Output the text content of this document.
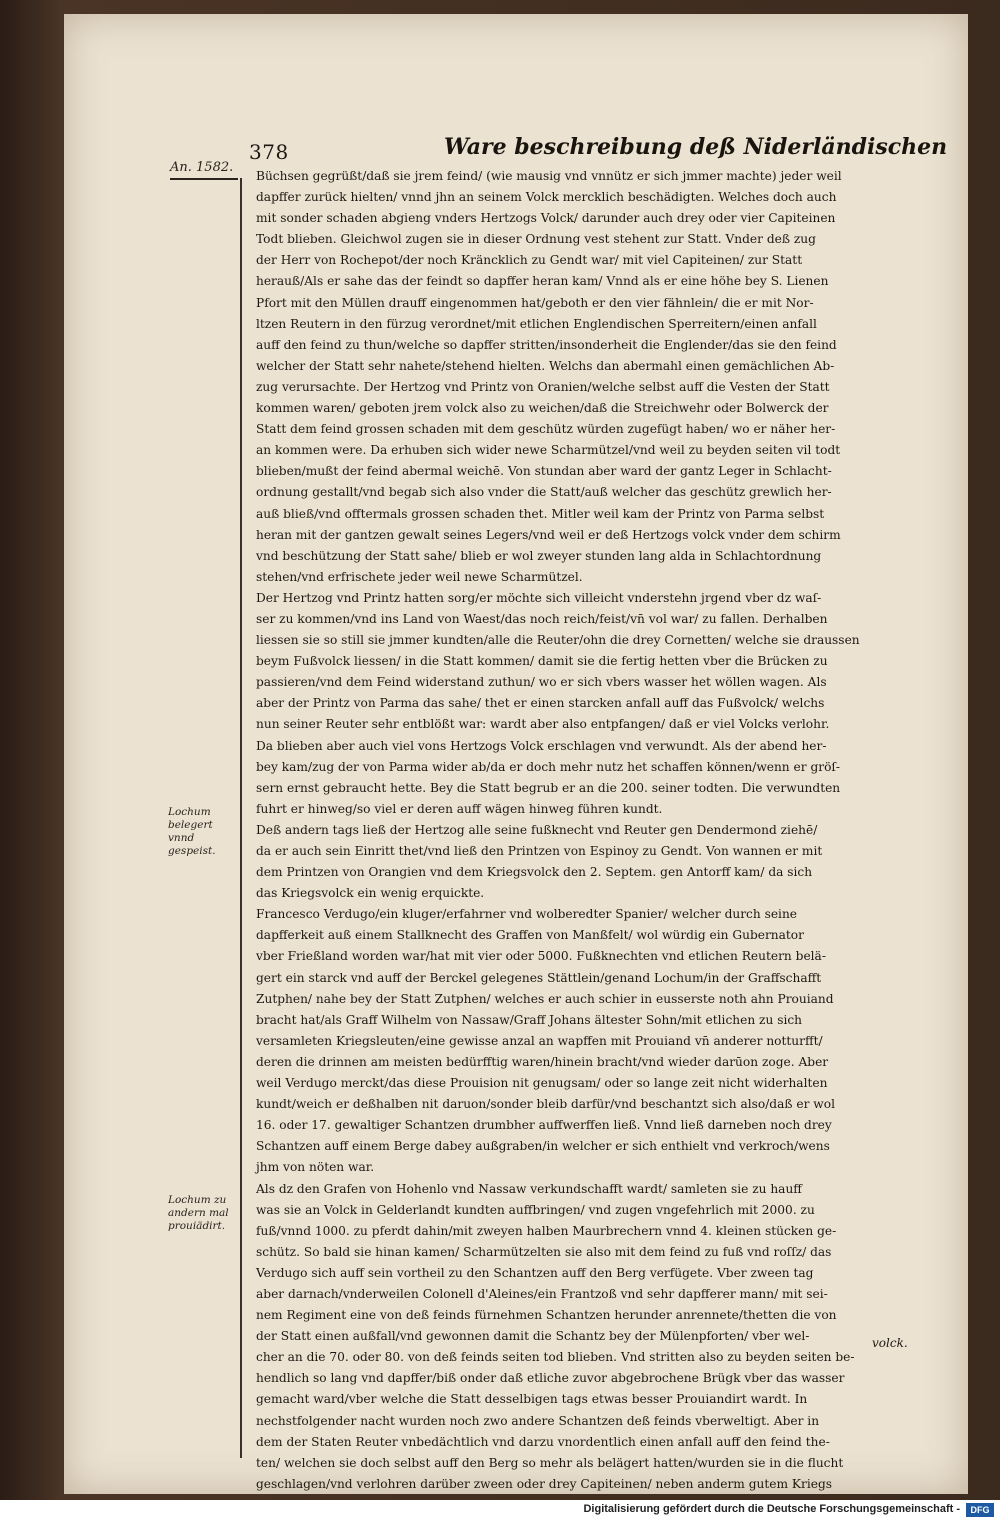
378	Ware beschreibung deß Niderländischen
An. 1582.
Lochum belegert vnnd gespeist.
Lochum zu andern mal prouiädirt.
Büchsen gegrüßt/daß sie jrem feind/ (wie mausig vnd vnnütz er sich jmmer machte) jeder weil
dapffer zurück hielten/ vnnd jhn an seinem Volck mercklich beschädigten. Welches doch auch
mit sonder schaden abgieng vnders Hertzogs Volck/ darunder auch drey oder vier Capiteinen
Todt blieben. Gleichwol zugen sie in dieser Ordnung vest stehent zur Statt. Vnder deß zug
der Herr von Rochepot/der noch Kräncklich zu Gendt war/ mit viel Capiteinen/ zur Statt
herauß/Als er sahe das der feindt so dapffer heran kam/ Vnnd als er eine höhe bey S. Lienen
Pfort mit den Müllen drauff eingenommen hat/geboth er den vier fähnlein/ die er mit Nor-
ltzen Reutern in den fürzug verordnet/mit etlichen Englendischen Sperreitern/einen anfall
auff den feind zu thun/welche so dapffer stritten/insonderheit die Englender/das sie den feind
welcher der Statt sehr nahete/stehend hielten. Welchs dan abermahl einen gemächlichen Ab-
zug verursachte. Der Hertzog vnd Printz von Oranien/welche selbst auff die Vesten der Statt
kommen waren/ geboten jrem volck also zu weichen/daß die Streichwehr oder Bolwerck der
Statt dem feind grossen schaden mit dem geschütz würden zugefügt haben/ wo er näher her-
an kommen were. Da erhuben sich wider newe Scharmützel/vnd weil zu beyden seiten vil todt
blieben/mußt der feind abermal weichē. Von stundan aber ward der gantz Leger in Schlacht-
ordnung gestallt/vnd begab sich also vnder die Statt/auß welcher das geschütz grewlich her-
auß bließ/vnd offtermals grossen schaden thet. Mitler weil kam der Printz von Parma selbst
heran mit der gantzen gewalt seines Legers/vnd weil er deß Hertzogs volck vnder dem schirm
vnd beschützung der Statt sahe/ blieb er wol zweyer stunden lang alda in Schlachtordnung
stehen/vnd erfrischete jeder weil newe Scharmützel.
Der Hertzog vnd Printz hatten sorg/er möchte sich villeicht vnderstehn jrgend vber dz waſ-
ser zu kommen/vnd ins Land von Waest/das noch reich/feist/vn̄ vol war/ zu fallen. Derhalben
liessen sie so still sie jmmer kundten/alle die Reuter/ohn die drey Cornetten/ welche sie draussen
beym Fußvolck liessen/ in die Statt kommen/ damit sie die fertig hetten vber die Brücken zu
passieren/vnd dem Feind widerstand zuthun/ wo er sich vbers wasser het wöllen wagen. Als
aber der Printz von Parma das sahe/ thet er einen starcken anfall auff das Fußvolck/ welchs
nun seiner Reuter sehr entblößt war: wardt aber also entpfangen/ daß er viel Volcks verlohr.
Da blieben aber auch viel vons Hertzogs Volck erschlagen vnd verwundt. Als der abend her-
bey kam/zug der von Parma wider ab/da er doch mehr nutz het schaffen können/wenn er gröſ-
sern ernst gebraucht hette. Bey die Statt begrub er an die 200. seiner todten. Die verwundten
fuhrt er hinweg/so viel er deren auff wägen hinweg führen kundt.
Deß andern tags ließ der Hertzog alle seine fußknecht vnd Reuter gen Dendermond ziehē/
da er auch sein Einritt thet/vnd ließ den Printzen von Espinoy zu Gendt. Von wannen er mit
dem Printzen von Orangien vnd dem Kriegsvolck den 2. Septem. gen Antorff kam/ da sich
das Kriegsvolck ein wenig erquickte.
Francesco Verdugo/ein kluger/erfahrner vnd wolberedter Spanier/ welcher durch seine
dapfferkeit auß einem Stallknecht des Graffen von Manßfelt/ wol würdig ein Gubernator
vber Frießland worden war/hat mit vier oder 5000. Fußknechten vnd etlichen Reutern belä-
gert ein starck vnd auff der Berckel gelegenes Stättlein/genand Lochum/in der Graffschafft
Zutphen/ nahe bey der Statt Zutphen/ welches er auch schier in eusserste noth ahn Prouiand
bracht hat/als Graff Wilhelm von Nassaw/Graff Johans ältester Sohn/mit etlichen zu sich
versamleten Kriegsleuten/eine gewisse anzal an wapffen mit Prouiand vn̄ anderer notturfft/
deren die drinnen am meisten bedürfftig waren/hinein bracht/vnd wieder darūon zoge. Aber
weil Verdugo merckt/das diese Prouision nit genugsam/ oder so lange zeit nicht widerhalten
kundt/weich er deßhalben nit daruon/sonder bleib darfür/vnd beschantzt sich also/daß er wol
16. oder 17. gewaltiger Schantzen drumbher auffwerffen ließ. Vnnd ließ darneben noch drey
Schantzen auff einem Berge dabey außgraben/in welcher er sich enthielt vnd verkroch/wens
jhm von nöten war.
Als dz den Grafen von Hohenlo vnd Nassaw verkundschafft wardt/ samleten sie zu hauff
was sie an Volck in Gelderlandt kundten auffbringen/ vnd zugen vngefehrlich mit 2000. zu
fuß/vnnd 1000. zu pferdt dahin/mit zweyen halben Maurbrechern vnnd 4. kleinen stücken ge-
schütz. So bald sie hinan kamen/ Scharmützelten sie also mit dem feind zu fuß vnd roſſz/ das
Verdugo sich auff sein vortheil zu den Schantzen auff den Berg verfügete. Vber zween tag
aber darnach/vnderweilen Colonell d'Aleines/ein Frantzoß vnd sehr dapfferer mann/ mit sei-
nem Regiment eine von deß feinds fürnehmen Schantzen herunder anrennete/thetten die von
der Statt einen außfall/vnd gewonnen damit die Schantz bey der Mülenpforten/ vber wel-
cher an die 70. oder 80. von deß feinds seiten tod blieben. Vnd stritten also zu beyden seiten be-
hendlich so lang vnd dapffer/biß onder daß etliche zuvor abgebrochene Brügk vber das wasser
gemacht ward/vber welche die Statt desselbigen tags etwas besser Prouiandirt wardt. In
nechstfolgender nacht wurden noch zwo andere Schantzen deß feinds vberweltigt. Aber in
dem der Staten Reuter vnbedächtlich vnd darzu vnordentlich einen anfall auff den feind the-
ten/ welchen sie doch selbst auff den Berg so mehr als belägert hatten/wurden sie in die flucht
geschlagen/vnd verlohren darüber zween oder drey Capiteinen/ neben anderm gutem Kriegs
volck.
Digitalisierung gefördert durch die Deutsche Forschungsgemeinschaft -	DFG
